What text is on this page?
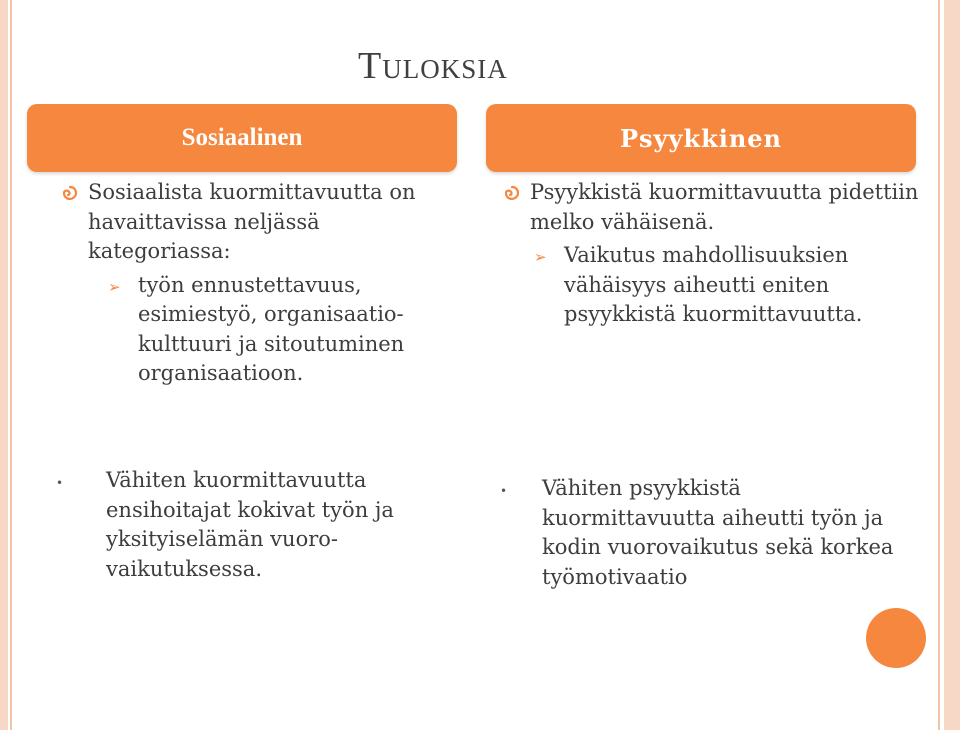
Tuloksia
Sosiaalinen	Psyykkinen
Sosiaalista kuormittavuutta on havaittavissa neljässä kategoriassa:
➢ työn ennustettavuus, esimiestyö, organisaatio-kulttuuri ja sitoutuminen organisaatioon.
Psyykkistä kuormittavuutta pidettiin melko vähäisenä.
➢ Vaikutus mahdollisuuksien vähäisyys aiheutti eniten psyykkistä kuormittavuutta.
•	Vähiten kuormittavuutta ensihoitajat kokivat työn ja yksityiselämän vuoro-vaikutuksessa.
•	Vähiten psyykkistä kuormittavuutta aiheutti työn ja kodin vuorovaikutus sekä korkea työmotivaatio
